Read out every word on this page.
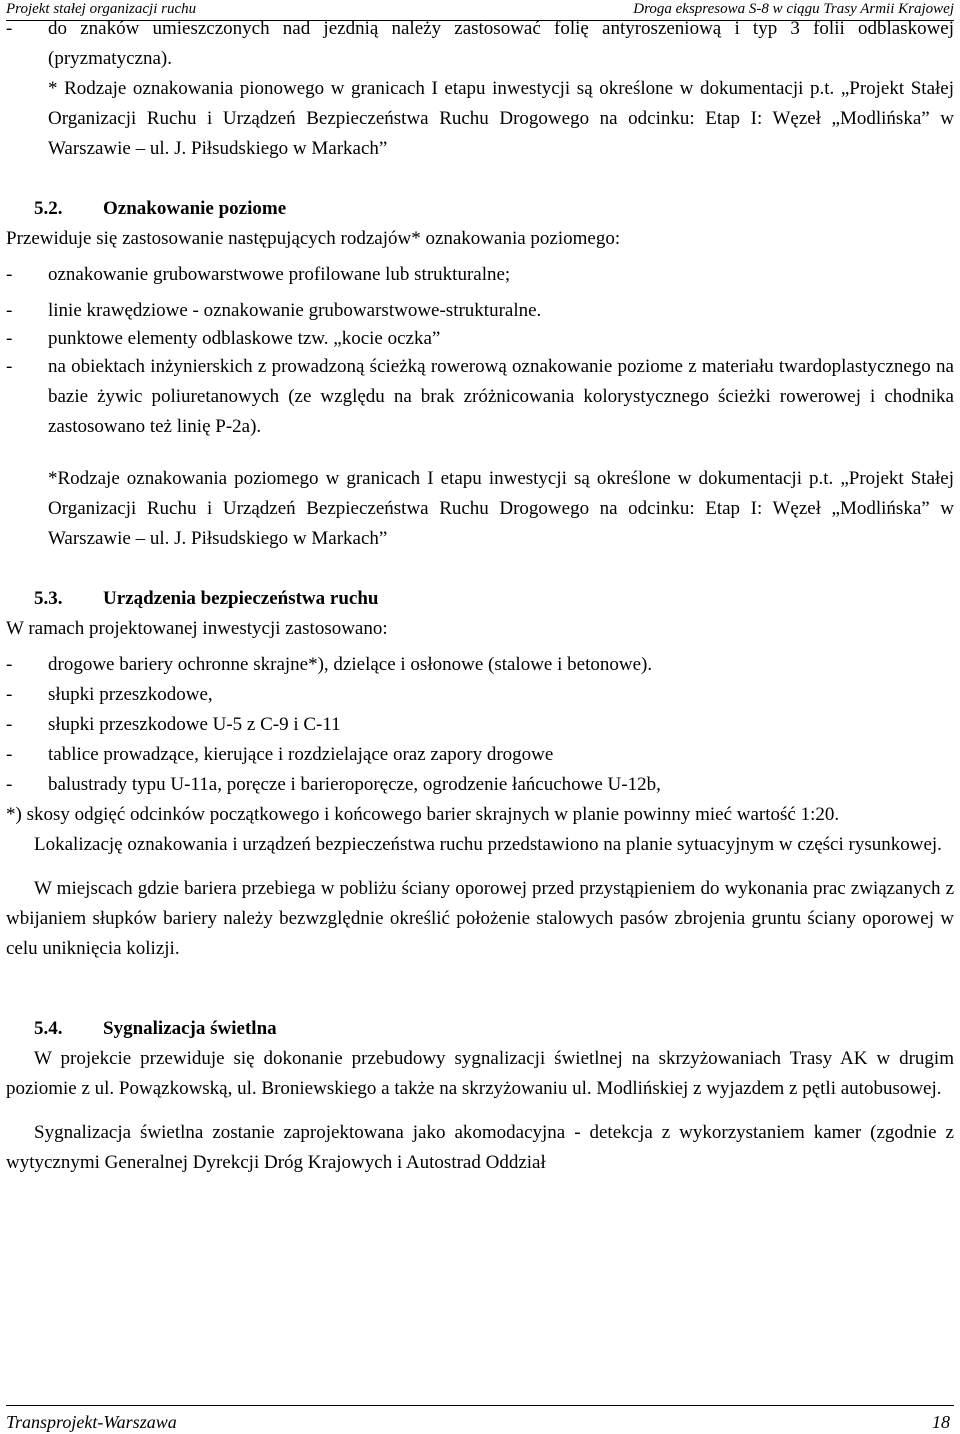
Projekt stałej organizacji ruchu	Droga ekspresowa S-8 w ciągu Trasy Armii Krajowej
- do znaków umieszczonych nad jezdnią należy zastosować folię antyroszeniową i typ 3 folii odblaskowej (pryzmatyczna).

* Rodzaje oznakowania pionowego w granicach I etapu inwestycji są określone w dokumentacji p.t. „Projekt Stałej Organizacji Ruchu i Urządzeń Bezpieczeństwa Ruchu Drogowego na odcinku: Etap I: Węzeł „Modlińska” w Warszawie – ul. J. Piłsudskiego w Markach”

5.2. Oznakowanie poziome

Przewiduje się zastosowanie następujących rodzajów* oznakowania poziomego:

- oznakowanie grubowarstwowe profilowane lub strukturalne;
- linie krawędziowe - oznakowanie grubowarstwowe-strukturalne.
- punktowe elementy odblaskowe tzw. „kocie oczka”
- na obiektach inżynierskich z prowadzoną ścieżką rowerową oznakowanie poziome z materiału twardoplastycznego na bazie żywic poliuretanowych (ze względu na brak zróżnicowania kolorystycznego ścieżki rowerowej i chodnika zastosowano też linię P-2a).

*Rodzaje oznakowania poziomego w granicach I etapu inwestycji są określone w dokumentacji p.t. „Projekt Stałej Organizacji Ruchu i Urządzeń Bezpieczeństwa Ruchu Drogowego na odcinku: Etap I: Węzeł „Modlińska” w Warszawie – ul. J. Piłsudskiego w Markach”

5.3. Urządzenia bezpieczeństwa ruchu

W ramach projektowanej inwestycji zastosowano:

- drogowe bariery ochronne skrajne*), dzielące i osłonowe (stalowe i betonowe).
- słupki przeszkodowe,
- słupki przeszkodowe U-5 z C-9 i C-11
- tablice prowadzące, kierujące i rozdzielające oraz zapory drogowe
- balustrady typu U-11a, poręcze i barieroporęcze, ogrodzenie łańcuchowe U-12b,

*) skosy odgięć odcinków początkowego i końcowego barier skrajnych w planie powinny mieć wartość 1:20.

Lokalizację oznakowania i urządzeń bezpieczeństwa ruchu przedstawiono na planie sytuacyjnym w części rysunkowej.

W miejscach gdzie bariera przebiega w pobliżu ściany oporowej przed przystąpieniem do wykonania prac związanych z wbijaniem słupków bariery należy bezwzględnie określić położenie stalowych pasów zbrojenia gruntu ściany oporowej w celu uniknięcia kolizji.

5.4. Sygnalizacja świetlna

W projekcie przewiduje się dokonanie przebudowy sygnalizacji świetlnej na skrzyżowaniach Trasy AK w drugim poziomie z ul. Powązkowską, ul. Broniewskiego a także na skrzyżowaniu ul. Modlińskiej z wyjazdem z pętli autobusowej.

Sygnalizacja świetlna zostanie zaprojektowana jako akomodacyjna - detekcja z wykorzystaniem kamer (zgodnie z wytycznymi Generalnej Dyrekcji Dróg Krajowych i Autostrad Oddział

Transprojekt-Warszawa	18
